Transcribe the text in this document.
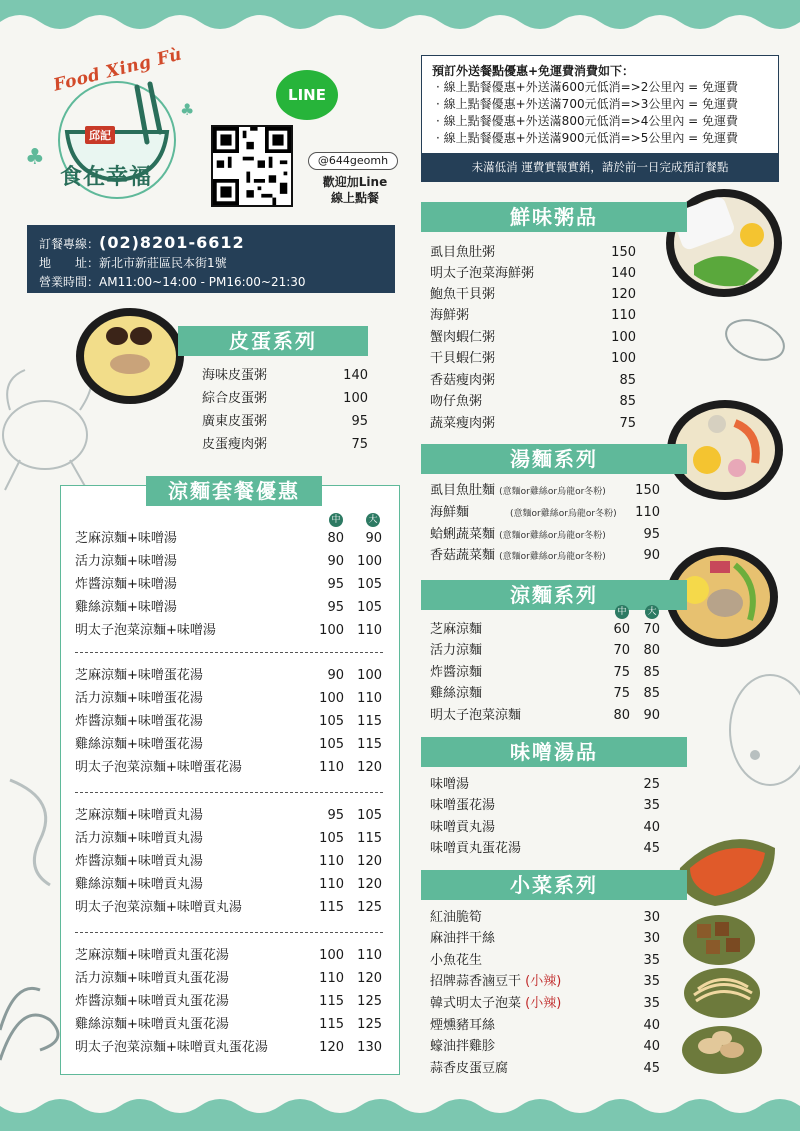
Food Xing Fù
邱記
食在幸福
♣
♣
LINE
@644geomh
歡迎加Line
線上點餐
訂餐專線：(02)8201-6612
地　　址：新北市新莊區民本街1號
營業時間：AM11:00~14:00 - PM16:00~21:30
預訂外送餐點優惠+免運費消費如下：
· 線上點餐優惠+外送滿600元低消=>2公里內 = 免運費
· 線上點餐優惠+外送滿700元低消=>3公里內 = 免運費
· 線上點餐優惠+外送滿800元低消=>4公里內 = 免運費
· 線上點餐優惠+外送滿900元低消=>5公里內 = 免運費
未滿低消 運費實報實銷，請於前一日完成預訂餐點
皮蛋系列
海味皮蛋粥	140
綜合皮蛋粥	100
廣東皮蛋粥	95
皮蛋瘦肉粥	75
鮮味粥品
虱目魚肚粥	150
明太子泡菜海鮮粥	140
鮑魚干貝粥	120
海鮮粥	110
蟹肉蝦仁粥	100
干貝蝦仁粥	100
香菇瘦肉粥	85
吻仔魚粥	85
蔬菜瘦肉粥	75
湯麵系列
虱目魚肚麵 (意麵or雞絲or烏龍or冬粉)	150
海鮮麵	(意麵or雞絲or烏龍or冬粉)	110
蛤蜊蔬菜麵 (意麵or雞絲or烏龍or冬粉)	95
香菇蔬菜麵 (意麵or雞絲or烏龍or冬粉)	90
涼麵系列
中 大
芝麻涼麵	60	70
活力涼麵	70	80
炸醬涼麵	75	85
雞絲涼麵	75	85
明太子泡菜涼麵	80	90
味噌湯品
味噌湯	25
味噌蛋花湯	35
味噌貢丸湯	40
味噌貢丸蛋花湯	45
小菜系列
紅油脆筍	30
麻油拌干絲	30
小魚花生	35
招牌蒜香滷豆干 (小辣)	35
韓式明太子泡菜 (小辣)	35
煙燻豬耳絲	40
蠔油拌雞胗	40
蒜香皮蛋豆腐	45
涼麵套餐優惠
中	大
芝麻涼麵+味噌湯	80	90
活力涼麵+味噌湯	90	100
炸醬涼麵+味噌湯	95	105
雞絲涼麵+味噌湯	95	105
明太子泡菜涼麵+味噌湯	100	110
芝麻涼麵+味噌蛋花湯	90	100
活力涼麵+味噌蛋花湯	100	110
炸醬涼麵+味噌蛋花湯	105	115
雞絲涼麵+味噌蛋花湯	105	115
明太子泡菜涼麵+味噌蛋花湯	110	120
芝麻涼麵+味噌貢丸湯	95	105
活力涼麵+味噌貢丸湯	105	115
炸醬涼麵+味噌貢丸湯	110	120
雞絲涼麵+味噌貢丸湯	110	120
明太子泡菜涼麵+味噌貢丸湯	115	125
芝麻涼麵+味噌貢丸蛋花湯	100	110
活力涼麵+味噌貢丸蛋花湯	110	120
炸醬涼麵+味噌貢丸蛋花湯	115	125
雞絲涼麵+味噌貢丸蛋花湯	115	125
明太子泡菜涼麵+味噌貢丸蛋花湯	120	130
